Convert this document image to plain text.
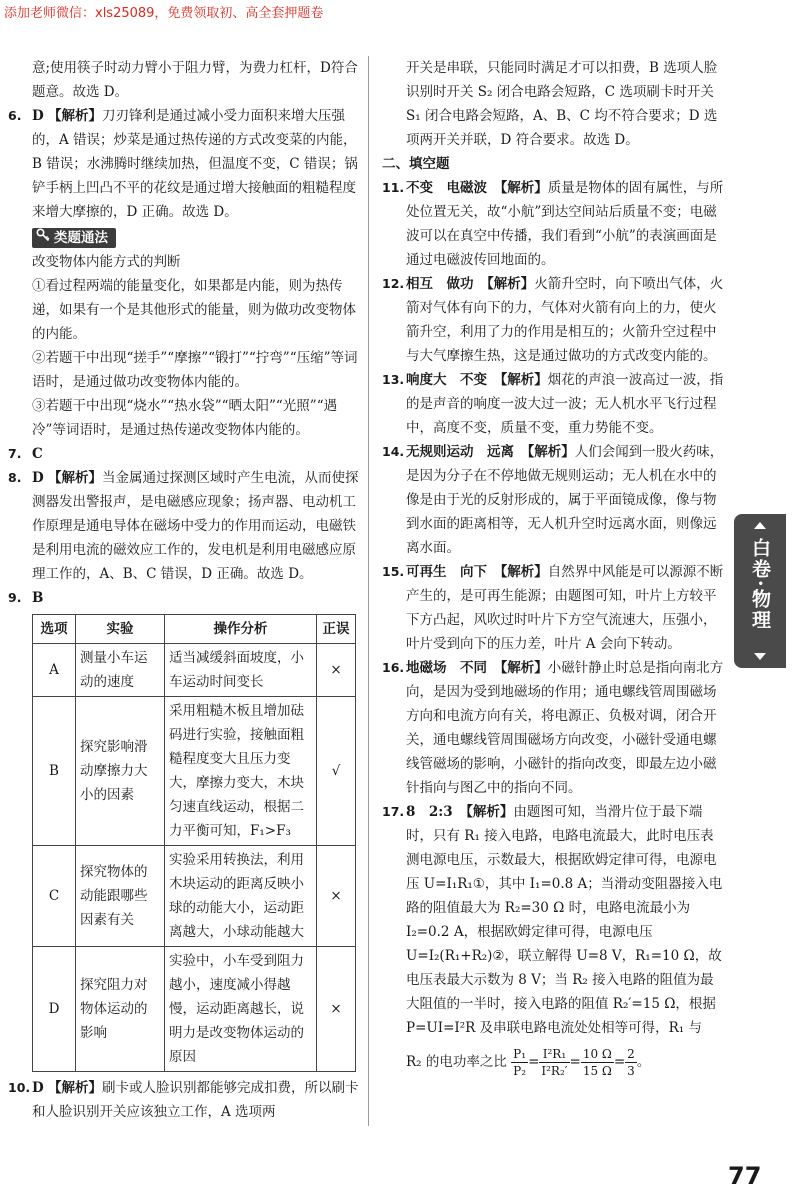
添加老师微信：xls25089，免费领取初、高全套押题卷

意;使用筷子时动力臂小于阻力臂，为费力杠杆，D符合题意。故选 D。

6. D 【解析】刀刃锋利是通过减小受力面积来增大压强的，A 错误；炒菜是通过热传递的方式改变菜的内能，B 错误；水沸腾时继续加热，但温度不变，C 错误；锅铲手柄上凹凸不平的花纹是通过增大接触面的粗糙程度来增大摩擦的，D 正确。故选 D。
类题通法

改变物体内能方式的判断

①看过程两端的能量变化，如果都是内能，则为热传递，如果有一个是其他形式的能量，则为做功改变物体的内能。

②若题干中出现“搓手”“摩擦”“锻打”“拧弯”“压缩”等词语时，是通过做功改变物体内能的。

③若题干中出现“烧水”“热水袋”“晒太阳”“光照”“遇冷”等词语时，是通过热传递改变物体内能的。

7. C
8. D 【解析】当金属通过探测区域时产生电流，从而使探测器发出警报声，是电磁感应现象；扬声器、电动机工作原理是通电导体在磁场中受力的作用而运动，电磁铁是利用电流的磁效应工作的，发电机是利用电磁感应原理工作的，A、B、C 错误，D 正确。故选 D。
9. B
选项	实验	操作分析	正误
A	测量小车运动的速度	适当减缓斜面坡度，小车运动时间变长	×
B	探究影响滑动摩擦力大小的因素	采用粗糙木板且增加砝码进行实验，接触面粗糙程度变大且压力变大，摩擦力变大，木块匀速直线运动，根据二力平衡可知，F₁>F₃	√
C	探究物体的动能跟哪些因素有关	实验采用转换法，利用木块运动的距离反映小球的动能大小，运动距离越大，小球动能越大	×
D	探究阻力对物体运动的影响	实验中，小车受到阻力越小，速度减小得越慢，运动距离越长，说明力是改变物体运动的原因	×
10. D 【解析】刷卡或人脸识别都能够完成扣费，所以刷卡和人脸识别开关应该独立工作，A 选项两

开关是串联，只能同时满足才可以扣费，B 选项人脸识别时开关 S₂ 闭合电路会短路，C 选项刷卡时开关 S₁ 闭合电路会短路，A、B、C 均不符合要求；D 选项两开关并联，D 符合要求。故选 D。

二、填空题

11. 不变　电磁波　【解析】质量是物体的固有属性，与所处位置无关，故“小航”到达空间站后质量不变；电磁波可以在真空中传播，我们看到“小航”的表演画面是通过电磁波传回地面的。
12. 相互　做功　【解析】火箭升空时，向下喷出气体，火箭对气体有向下的力，气体对火箭有向上的力，使火箭升空，利用了力的作用是相互的；火箭升空过程中与大气摩擦生热，这是通过做功的方式改变内能的。
13. 响度大　不变　【解析】烟花的声浪一波高过一波，指的是声音的响度一波大过一波；无人机水平飞行过程中，高度不变，质量不变，重力势能不变。
14. 无规则运动　远离　【解析】人们会闻到一股火药味，是因为分子在不停地做无规则运动；无人机在水中的像是由于光的反射形成的，属于平面镜成像，像与物到水面的距离相等，无人机升空时远离水面，则像远离水面。
15. 可再生　向下　【解析】自然界中风能是可以源源不断产生的，是可再生能源；由题图可知，叶片上方较平下方凸起，风吹过时叶片下方空气流速大，压强小，叶片受到向下的压力差，叶片 A 会向下转动。
16. 地磁场　不同　【解析】小磁针静止时总是指向南北方向，是因为受到地磁场的作用；通电螺线管周围磁场方向和电流方向有关，将电源正、负极对调，闭合开关，通电螺线管周围磁场方向改变，小磁针受通电螺线管磁场的影响，小磁针的指向改变，即最左边小磁针指向与图乙中的指向不同。
17. 8　2:3　【解析】由题图可知，当滑片位于最下端时，只有 R₁ 接入电路，电路电流最大，此时电压表测电源电压，示数最大，根据欧姆定律可得，电源电压 U=I₁R₁①，其中 I₁=0.8 A；当滑动变阻器接入电路的阻值最大为 R₂=30 Ω 时，电路电流最小为 I₂=0.2 A，根据欧姆定律可得，电源电压 U=I₂(R₁+R₂)②，联立解得 U=8 V，R₁=10 Ω，故电压表最大示数为 8 V；当 R₂ 接入电路的阻值为最大阻值的一半时，接入电路的阻值 R₂′=15 Ω，根据 P=UI=I²R 及串联电路电流处处相等可得，R₁ 与
R₂ 的电功率之比 $\frac{\text{P₁}}{\text{P₂}} = \frac{\text{I²R₁}}{\text{I²R₂′}} = \frac{10 \Omega}{15 \Omega} = \frac{2}{3}$ 。
白卷·物理
77
